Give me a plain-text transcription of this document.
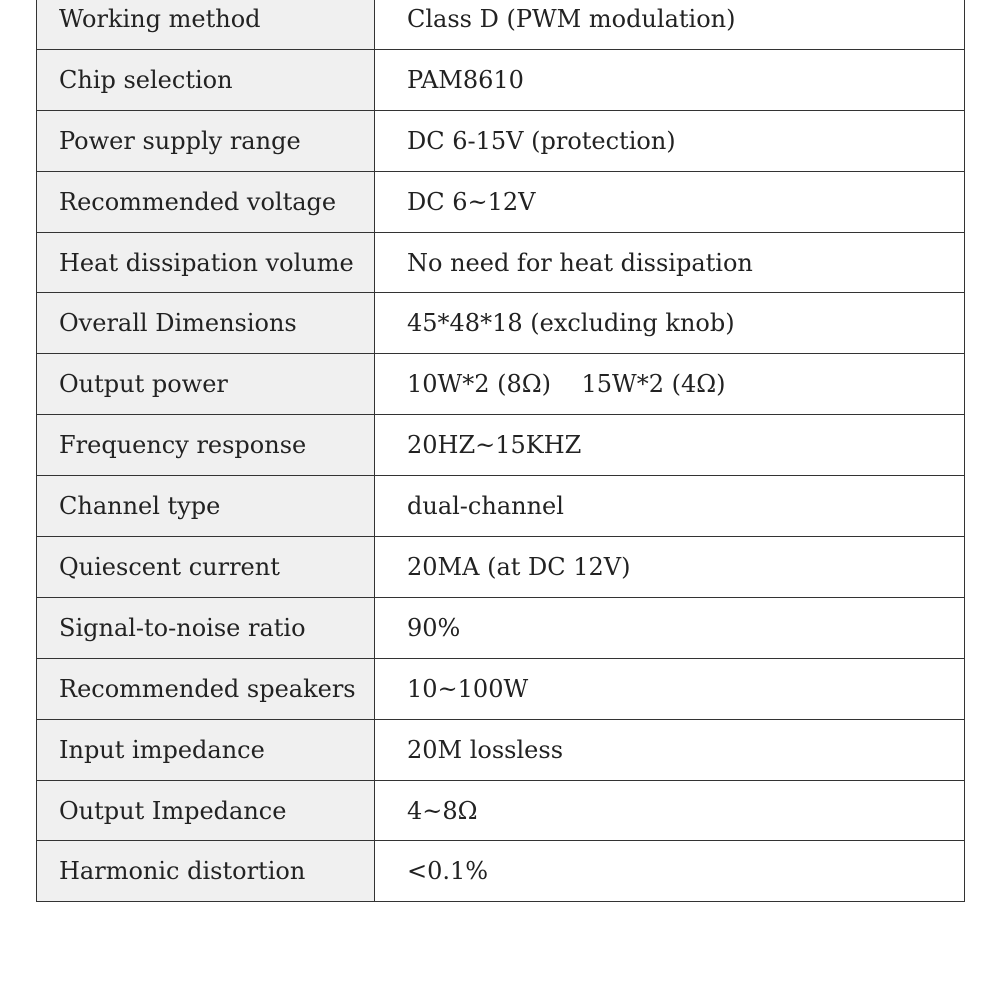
Working method	Class D (PWM modulation)
Chip selection	PAM8610
Power supply range	DC 6-15V (protection)
Recommended voltage	DC 6~12V
Heat dissipation volume	No need for heat dissipation
Overall Dimensions	45*48*18 (excluding knob)
Output power	10W*2 (8Ω)    15W*2 (4Ω)
Frequency response	20HZ~15KHZ
Channel type	dual-channel
Quiescent current	20MA (at DC 12V)
Signal-to-noise ratio	90%
Recommended speakers	10~100W
Input impedance	20M lossless
Output Impedance	4~8Ω
Harmonic distortion	<0.1%
